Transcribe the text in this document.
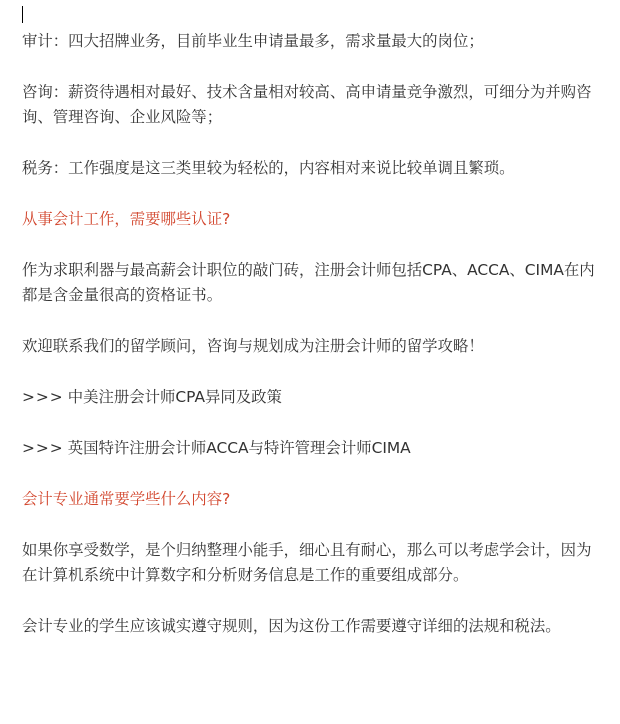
审计：四大招牌业务，目前毕业生申请量最多，需求量最大的岗位；

咨询：薪资待遇相对最好、技术含量相对较高、高申请量竞争激烈，可细分为并购咨询、管理咨询、企业风险等；

税务：工作强度是这三类里较为轻松的，内容相对来说比较单调且繁琐。

从事会计工作，需要哪些认证?

作为求职利器与最高薪会计职位的敲门砖，注册会计师包括CPA、ACCA、CIMA在内都是含金量很高的资格证书。

欢迎联系我们的留学顾问，咨询与规划成为注册会计师的留学攻略！

>>> 中美注册会计师CPA异同及政策

>>> 英国特许注册会计师ACCA与特许管理会计师CIMA

会计专业通常要学些什么内容?

如果你享受数学，是个归纳整理小能手，细心且有耐心，那么可以考虑学会计，因为在计算机系统中计算数字和分析财务信息是工作的重要组成部分。

会计专业的学生应该诚实遵守规则，因为这份工作需要遵守详细的法规和税法。
